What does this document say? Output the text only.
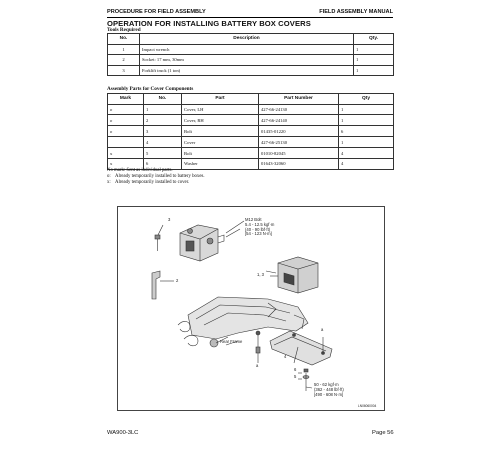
PROCEDURE FOR FIELD ASSEMBLY	FIELD ASSEMBLY MANUAL
OPERATION FOR INSTALLING BATTERY BOX COVERS
Tools Required
No.	Description	Qty.
1	Impact wrench	1
2	Socket: 17 mm, 30mm	1
3	Forklift truck (1 ton)	1
Assembly Parts for Cover Components
Mark	No.	Part	Part Number	Qty
o	1	Cover, LH	427-66-24130	1
o	2	Cover, RH	427-66-24140	1
o	3	Bolt	01435-01220	6
	4	Cover	427-66-25130	1
x	5	Bolt	01010-82045	4
x	6	Washer	01643-32060	4
No mark: Sent as individual parts.
o: Already temporarily installed to battery boxes.
x: Already temporarily installed to cover.
3
2
1, 3
4
a
a
6
5
M12 Bolt
5.4 - 12.5 kgf·m
(40 - 90 lbf·ft)
[54 - 123 N·m]
50 - 62 kgf·m
(362 - 448 lbf·ft)
[490 - 608 N·m]
Rear Frame
LN06060004
WA900-3LC	Page 56
